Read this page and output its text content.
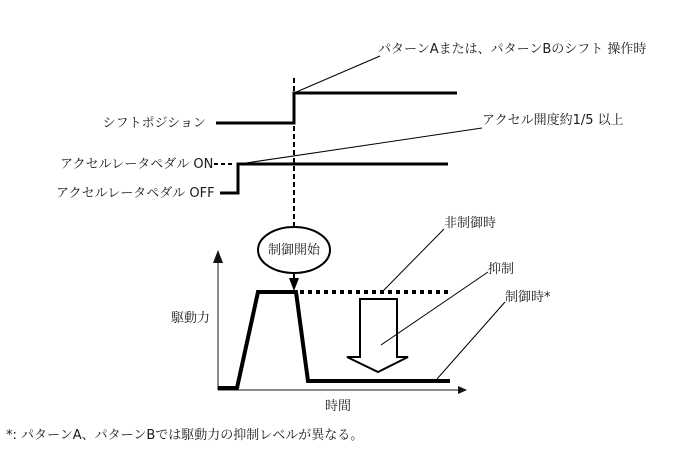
パターンAまたは、パターンBのシフト 操作時
シフトポジション	アクセル開度約1/5 以上
アクセルレータペダル ON
アクセルレータペダル OFF
制御開始
非制御時
抑制
制御時*
駆動力
時間
*: パターンA、パターンBでは駆動力の抑制レベルが異なる。
